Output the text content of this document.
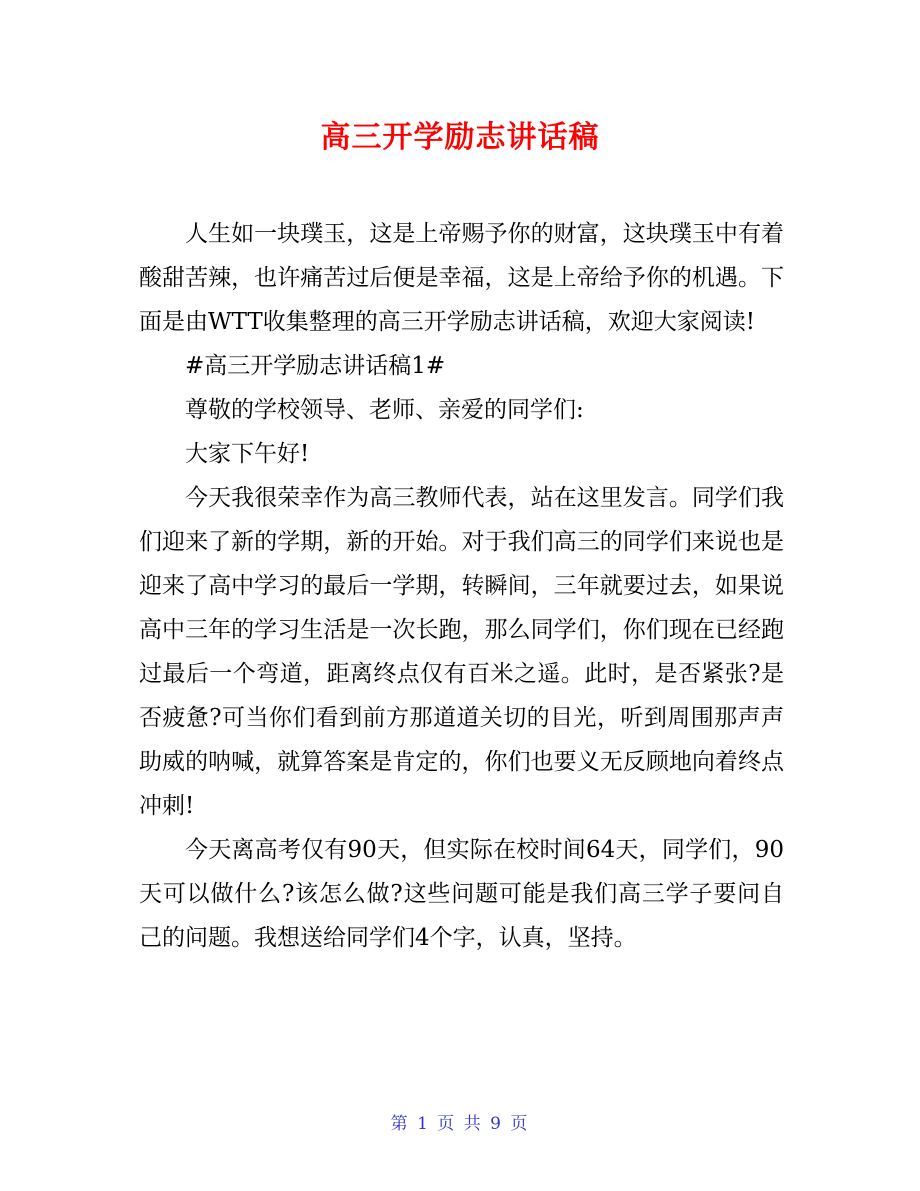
高三开学励志讲话稿

人生如一块璞玉，这是上帝赐予你的财富，这块璞玉中有着酸甜苦辣，也许痛苦过后便是幸福，这是上帝给予你的机遇。下面是由WTT收集整理的高三开学励志讲话稿，欢迎大家阅读!

#高三开学励志讲话稿1#

尊敬的学校领导、老师、亲爱的同学们:

大家下午好!

今天我很荣幸作为高三教师代表，站在这里发言。同学们我们迎来了新的学期，新的开始。对于我们高三的同学们来说也是迎来了高中学习的最后一学期，转瞬间，三年就要过去，如果说高中三年的学习生活是一次长跑，那么同学们，你们现在已经跑过最后一个弯道，距离终点仅有百米之遥。此时，是否紧张?是否疲惫?可当你们看到前方那道道关切的目光，听到周围那声声助威的呐喊，就算答案是肯定的，你们也要义无反顾地向着终点冲刺!

今天离高考仅有90天，但实际在校时间64天，同学们，90天可以做什么?该怎么做?这些问题可能是我们高三学子要问自己的问题。我想送给同学们4个字，认真，坚持。

第 1 页 共 9 页
